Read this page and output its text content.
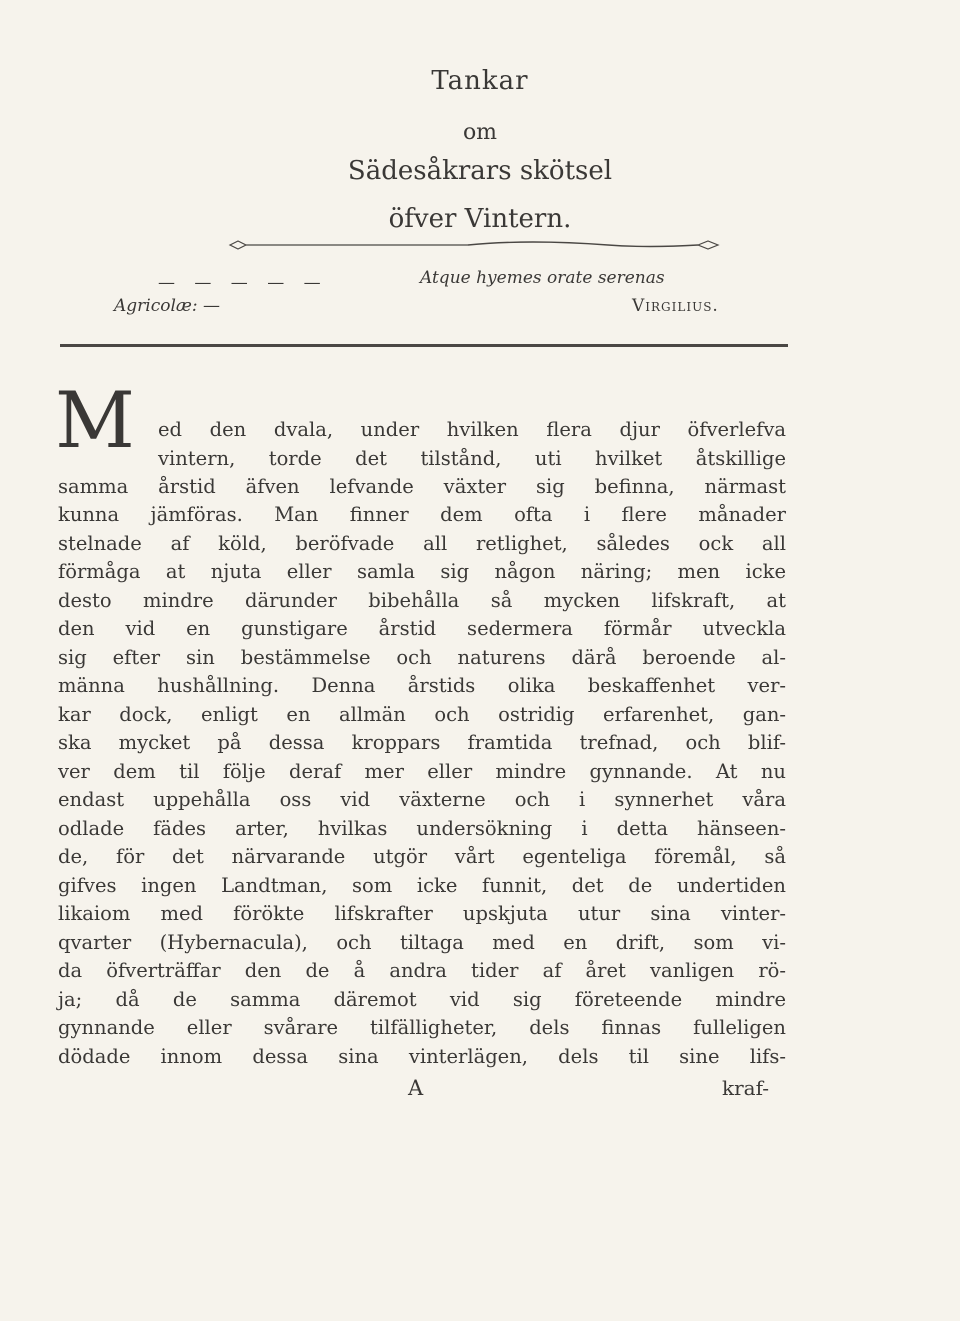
Tankar
om
Sädesåkrars skötsel
öfver Vintern.
— — — — —	Atque hyemes orate serenas
Agricolæ: —	Virgilius.
M ed den dvala, under hvilken flera djur öfverlefva
vintern, torde det tilstånd, uti hvilket åtskillige
samma årstid äfven lefvande växter sig befinna, närmast
kunna jämföras. Man finner dem ofta i flere månader
stelnade af köld, beröfvade all retlighet, således ock all
förmåga at njuta eller samla sig någon näring; men icke
desto mindre därunder bibehålla så mycken lifskraft, at
den vid en gunstigare årstid sedermera förmår utveckla
sig efter sin bestämmelse och naturens därå beroende al-
männa hushållning. Denna årstids olika beskaffenhet ver-
kar dock, enligt en allmän och ostridig erfarenhet, gan-
ska mycket på dessa kroppars framtida trefnad, och blif-
ver dem til följe deraf mer eller mindre gynnande. At nu
endast uppehålla oss vid växterne och i synnerhet våra
odlade fädes arter, hvilkas undersökning i detta hänseen-
de, för det närvarande utgör vårt egenteliga föremål, så
gifves ingen Landtman, som icke funnit, det de undertiden
likaiom med förökte lifskrafter upskjuta utur sina vinter-
qvarter (Hybernacula), och tiltaga med en drift, som vi-
da öfverträffar den de å andra tider af året vanligen rö-
ja; då de samma däremot vid sig företeende mindre
gynnande eller svårare tilfälligheter, dels finnas fulleligen
dödade innom dessa sina vinterlägen, dels til sine lifs-
A	kraf-
